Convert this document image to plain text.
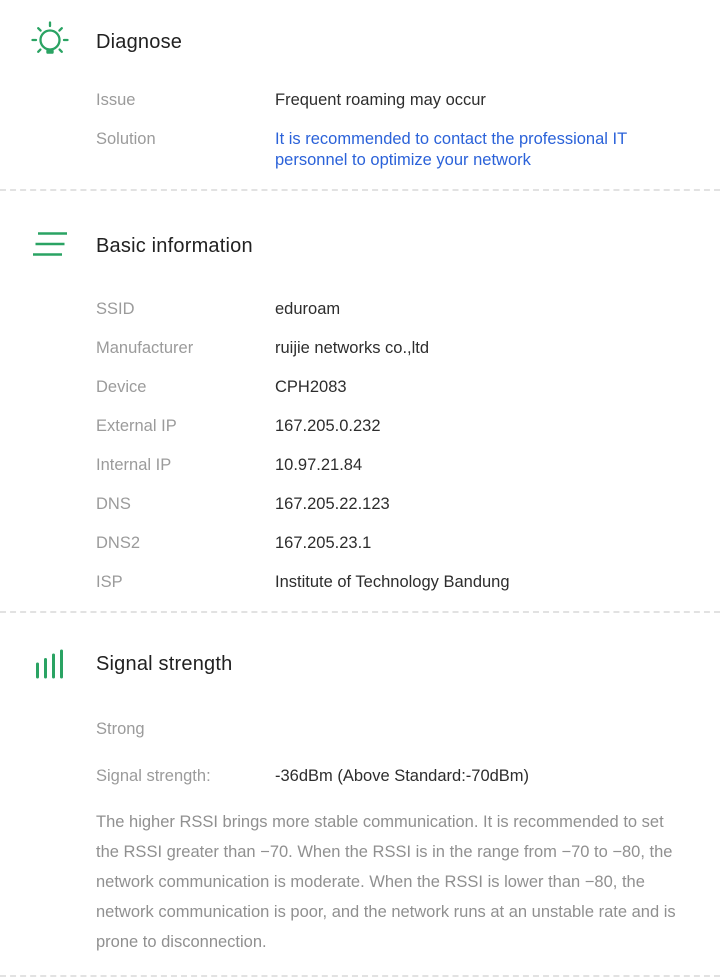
Diagnose
Issue	Frequent roaming may occur
Solution	It is recommended to contact the professional IT personnel to optimize your network
Basic information
SSID	eduroam
Manufacturer	ruijie networks co.,ltd
Device	CPH2083
External IP	167.205.0.232
Internal IP	10.97.21.84
DNS	167.205.22.123
DNS2	167.205.23.1
ISP	Institute of Technology Bandung
Signal strength
Strong
Signal strength:	-36dBm (Above Standard:-70dBm)

The higher RSSI brings more stable communication. It is recommended to set the RSSI greater than −70. When the RSSI is in the range from −70 to −80, the network communication is moderate. When the RSSI is lower than −80, the network communication is poor, and the network runs at an unstable rate and is prone to disconnection.
